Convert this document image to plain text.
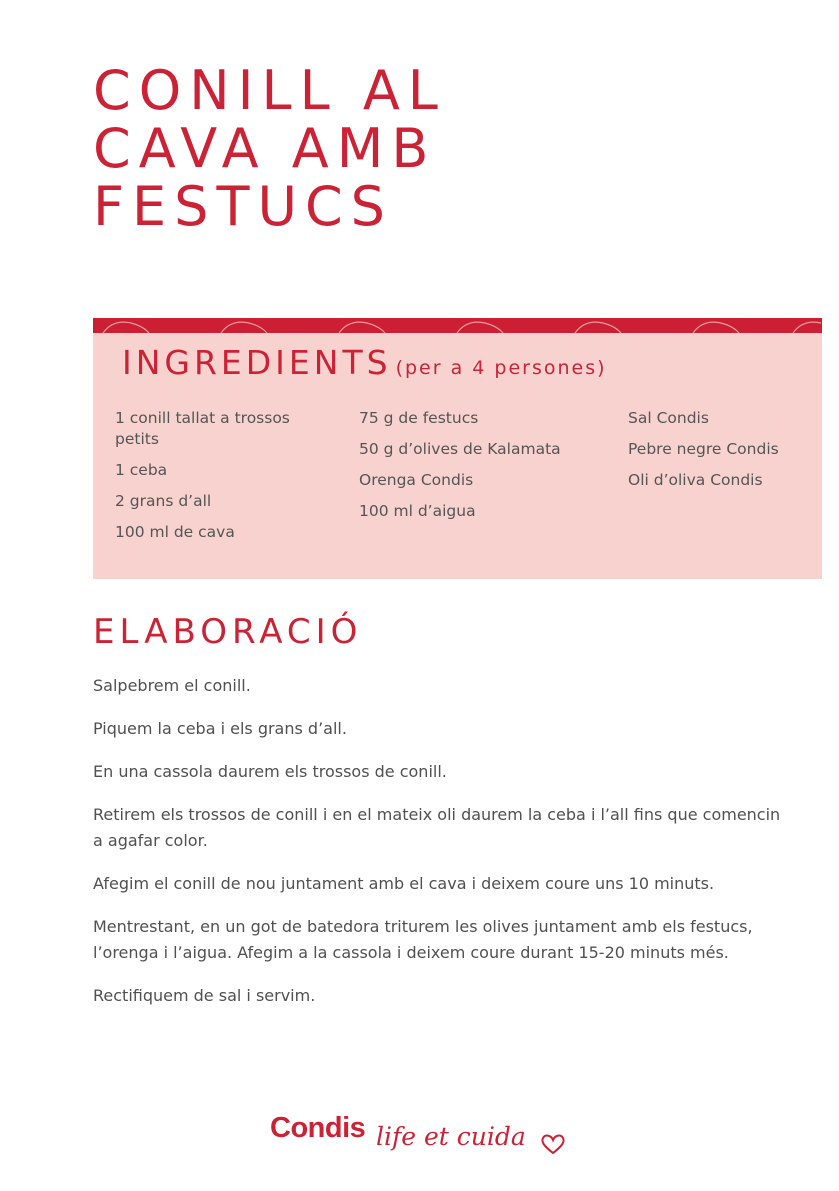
CONILL AL
CAVA AMB
FESTUCS
INGREDIENTS (per a 4 persones)
1 conill tallat a trossos petits
1 ceba
2 grans d’all
100 ml de cava
75 g de festucs
50 g d’olives de Kalamata
Orenga Condis
100 ml d’aigua
Sal Condis
Pebre negre Condis
Oli d’oliva Condis
ELABORACIÓ

Salpebrem el conill.

Piquem la ceba i els grans d’all.

En una cassola daurem els trossos de conill.

Retirem els trossos de conill i en el mateix oli daurem la ceba i l’all fins que comencin a agafar color.

Afegim el conill de nou juntament amb el cava i deixem coure uns 10 minuts.

Mentrestant, en un got de batedora triturem les olives juntament amb els festucs, l’orenga i l’aigua. Afegim a la cassola i deixem coure durant 15-20 minuts més.

Rectifiquem de sal i servim.

Condis life et cuida
